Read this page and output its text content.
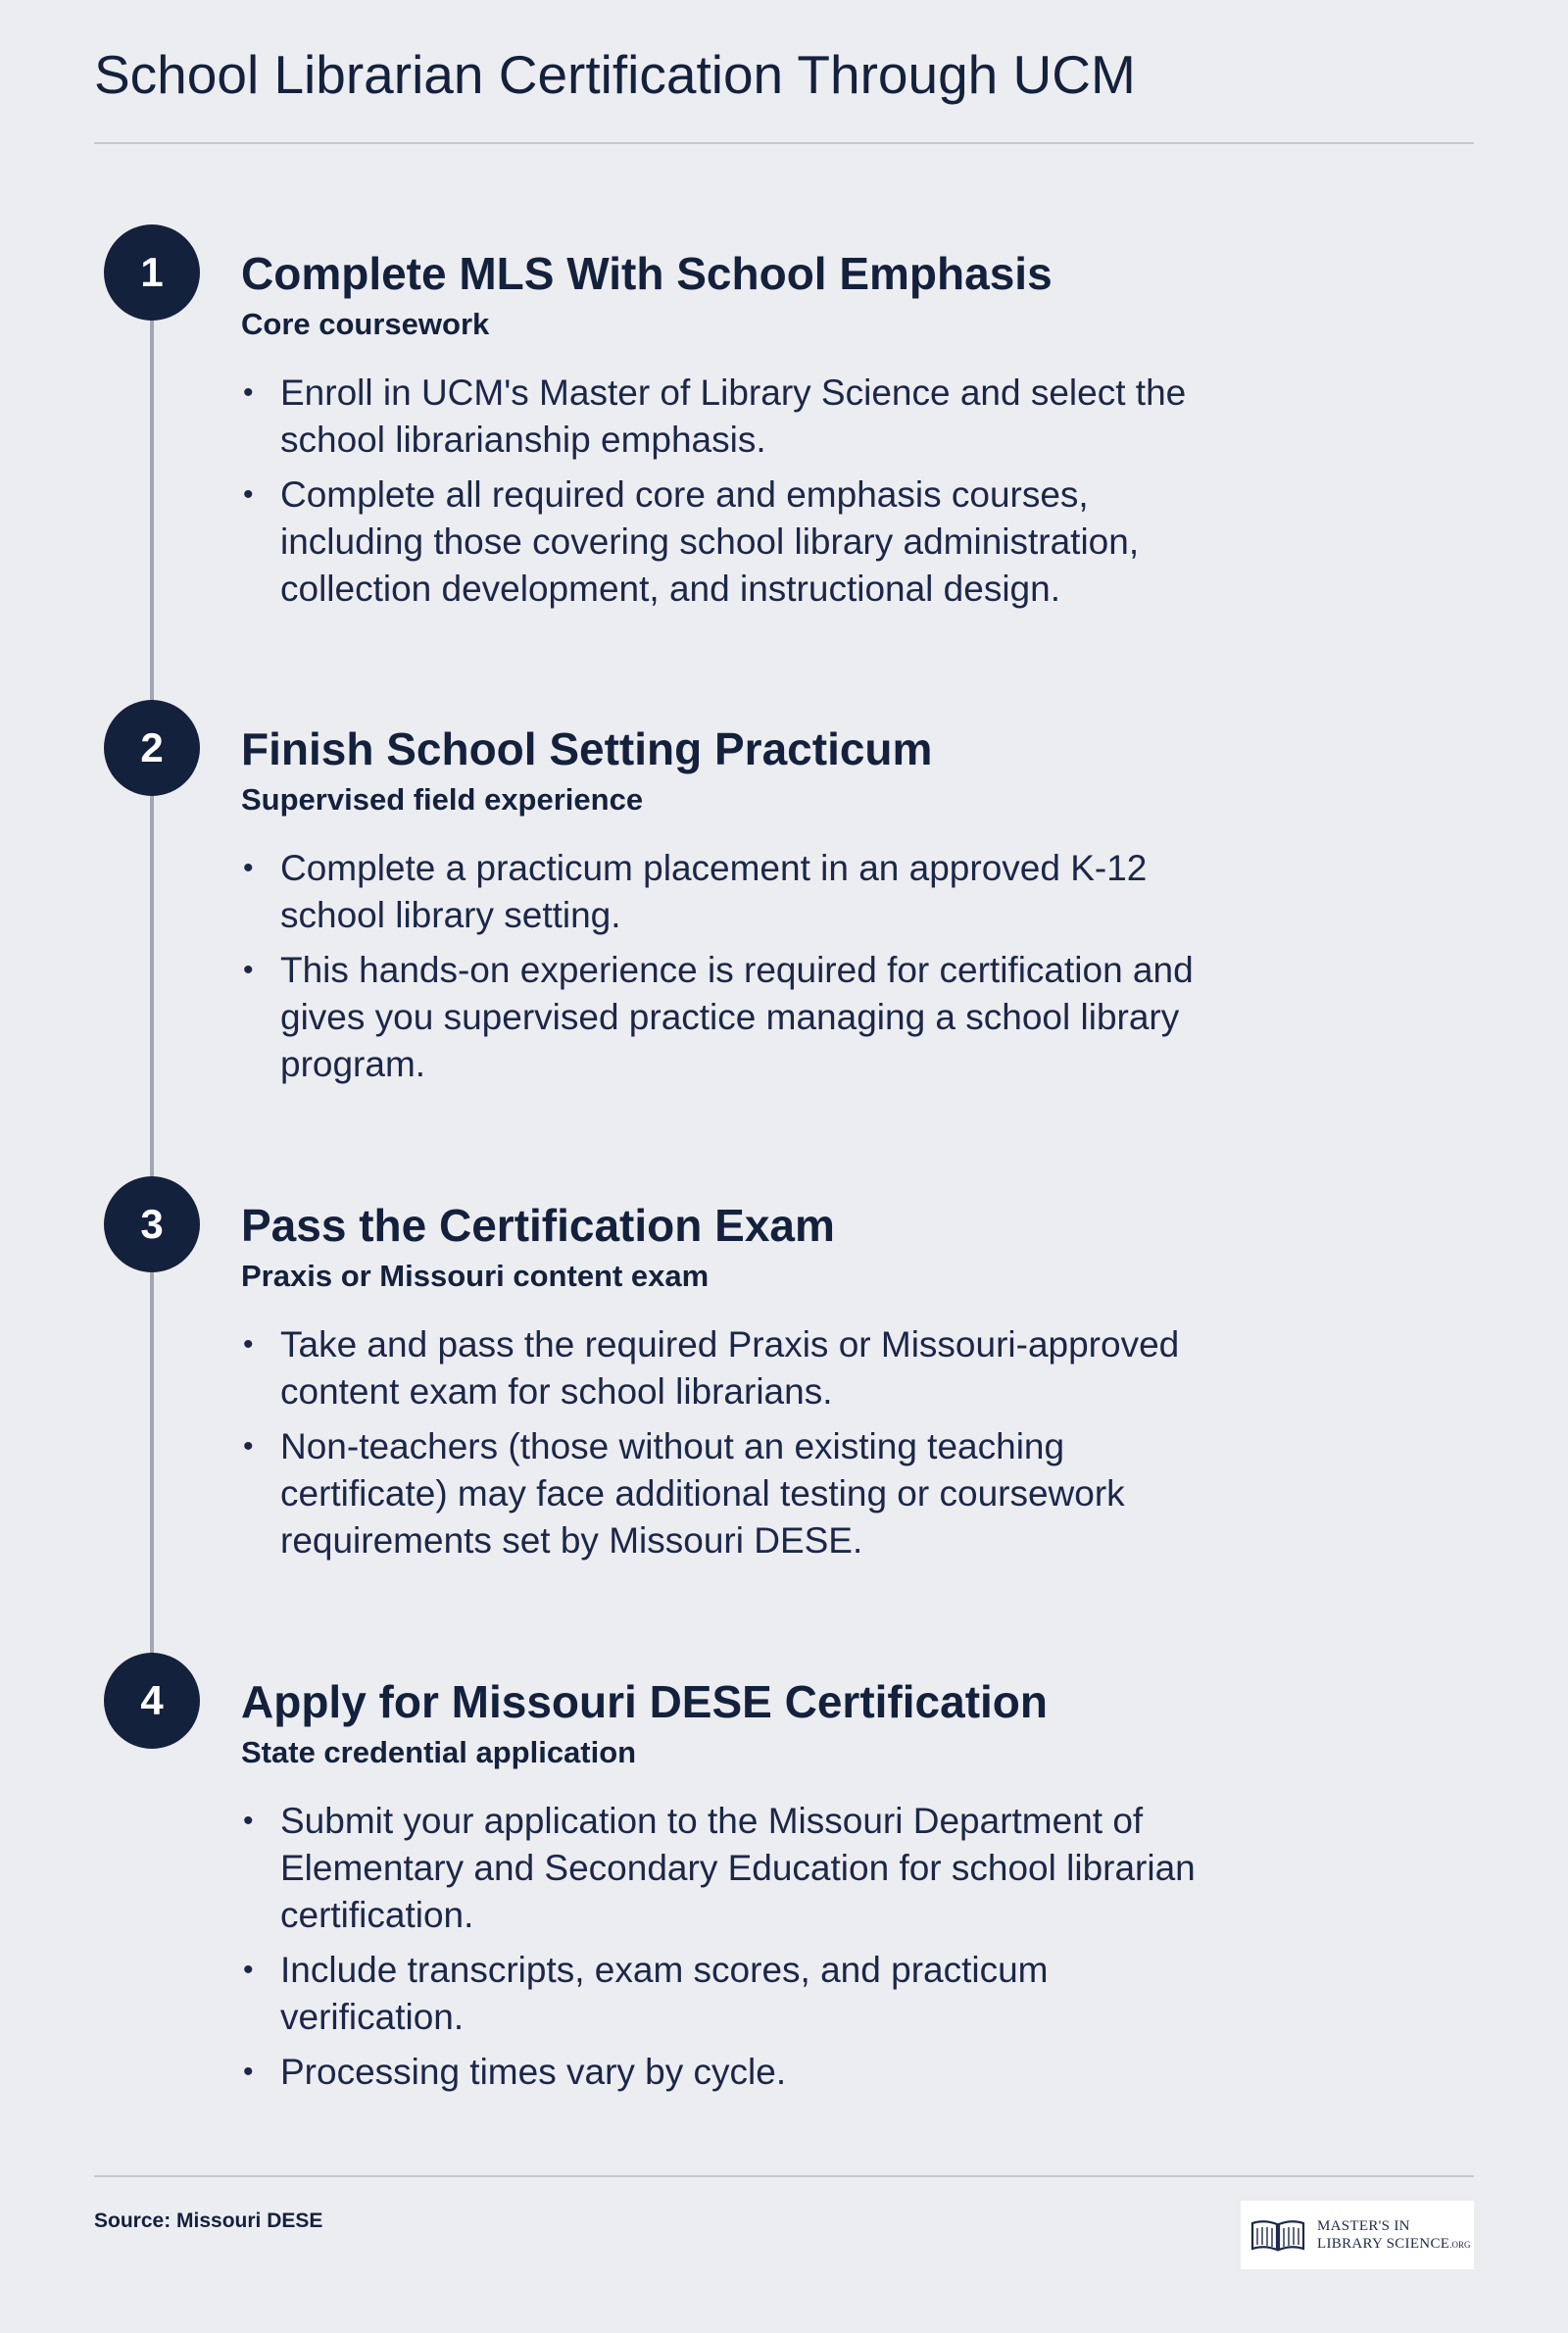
School Librarian Certification Through UCM
1	Complete MLS With School Emphasis
Core coursework
• Enroll in UCM's Master of Library Science and select the school librarianship emphasis.
• Complete all required core and emphasis courses, including those covering school library administration, collection development, and instructional design.
2	Finish School Setting Practicum
Supervised field experience
• Complete a practicum placement in an approved K-12 school library setting.
• This hands-on experience is required for certification and gives you supervised practice managing a school library program.
3	Pass the Certification Exam
Praxis or Missouri content exam
• Take and pass the required Praxis or Missouri-approved content exam for school librarians.
• Non-teachers (those without an existing teaching certificate) may face additional testing or coursework requirements set by Missouri DESE.
4	Apply for Missouri DESE Certification
State credential application
• Submit your application to the Missouri Department of Elementary and Secondary Education for school librarian certification.
• Include transcripts, exam scores, and practicum verification.
• Processing times vary by cycle.
Source: Missouri DESE	MASTER'S IN
LIBRARY SCIENCE.ORG
